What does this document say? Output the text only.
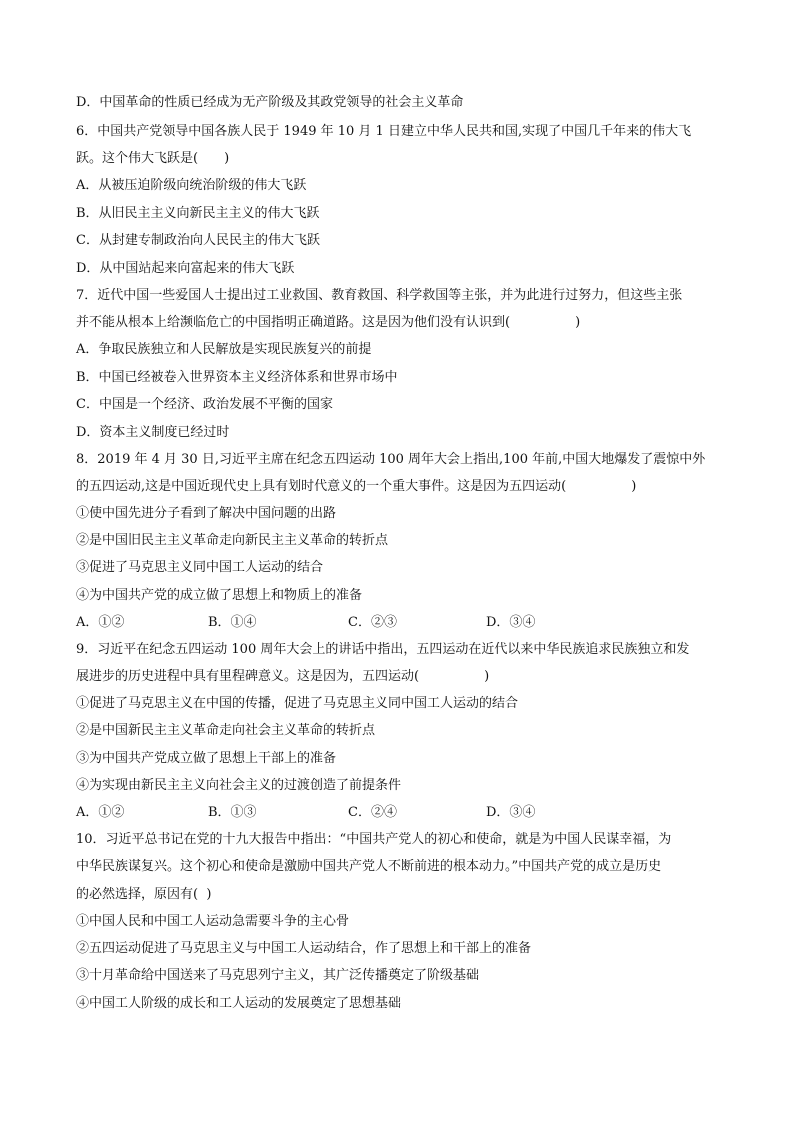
D．中国革命的性质已经成为无产阶级及其政党领导的社会主义革命
6．中国共产党领导中国各族人民于 1949 年 10 月 1 日建立中华人民共和国,实现了中国几千年来的伟大飞
跃。这个伟大飞跃是(　　)
A．从被压迫阶级向统治阶级的伟大飞跃
B．从旧民主主义向新民主主义的伟大飞跃
C．从封建专制政治向人民民主的伟大飞跃
D．从中国站起来向富起来的伟大飞跃
7．近代中国一些爱国人士提出过工业救国、教育救国、科学救国等主张，并为此进行过努力，但这些主张
并不能从根本上给濒临危亡的中国指明正确道路。这是因为他们没有认识到(　　　　　)
A．争取民族独立和人民解放是实现民族复兴的前提
B．中国已经被卷入世界资本主义经济体系和世界市场中
C．中国是一个经济、政治发展不平衡的国家
D．资本主义制度已经过时
8．2019 年 4 月 30 日,习近平主席在纪念五四运动 100 周年大会上指出,100 年前,中国大地爆发了震惊中外
的五四运动,这是中国近现代史上具有划时代意义的一个重大事件。这是因为五四运动(　　　　　)
①使中国先进分子看到了解决中国问题的出路
②是中国旧民主主义革命走向新民主主义革命的转折点
③促进了马克思主义同中国工人运动的结合
④为中国共产党的成立做了思想上和物质上的准备
A．①②	B．①④	C．②③	D．③④
9．习近平在纪念五四运动 100 周年大会上的讲话中指出，五四运动在近代以来中华民族追求民族独立和发
展进步的历史进程中具有里程碑意义。这是因为，五四运动(　　　　　)
①促进了马克思主义在中国的传播，促进了马克思主义同中国工人运动的结合
②是中国新民主主义革命走向社会主义革命的转折点
③为中国共产党成立做了思想上干部上的准备
④为实现由新民主主义向社会主义的过渡创造了前提条件
A．①②	B．①③	C．②④	D．③④
10．习近平总书记在党的十九大报告中指出：“中国共产党人的初心和使命，就是为中国人民谋幸福，为
中华民族谋复兴。这个初心和使命是激励中国共产党人不断前进的根本动力。”中国共产党的成立是历史
的必然选择，原因有(  )
①中国人民和中国工人运动急需要斗争的主心骨
②五四运动促进了马克思主义与中国工人运动结合，作了思想上和干部上的准备
③十月革命给中国送来了马克思列宁主义，其广泛传播奠定了阶级基础
④中国工人阶级的成长和工人运动的发展奠定了思想基础
